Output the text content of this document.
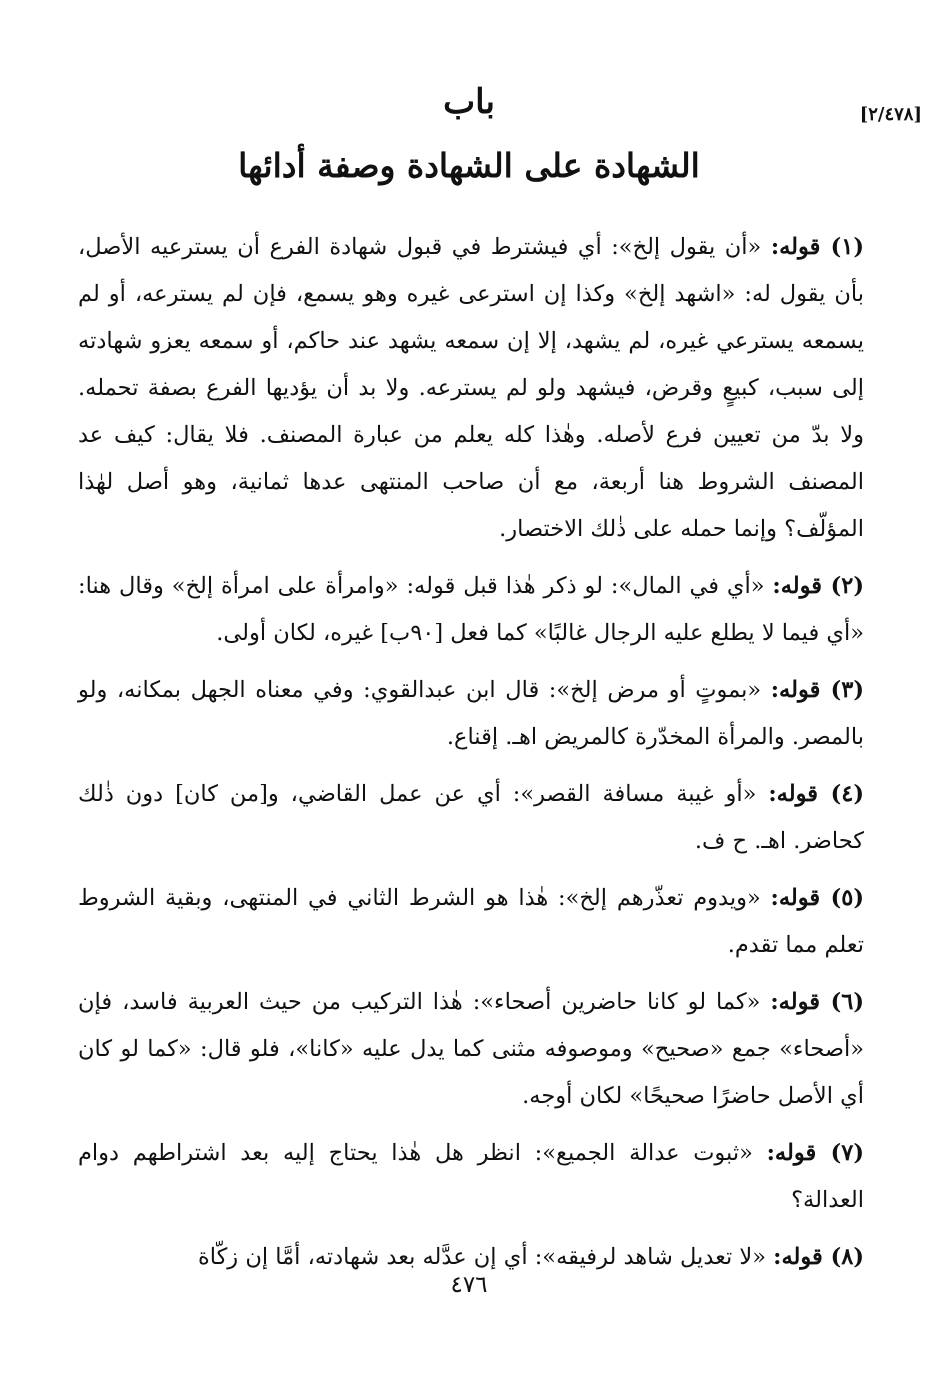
[٢/٤٧٨]
باب
الشهادة على الشهادة وصفة أدائها

(١) قوله: «أن يقول إلخ»: أي فيشترط في قبول شهادة الفرع أن يسترعيه الأصل، بأن يقول له: «اشهد إلخ» وكذا إن استرعى غيره وهو يسمع، فإن لم يسترعه، أو لم يسمعه يسترعي غيره، لم يشهد، إلا إن سمعه يشهد عند حاكم، أو سمعه يعزو شهادته إلى سبب، كبيعٍ وقرض، فيشهد ولو لم يسترعه. ولا بد أن يؤديها الفرع بصفة تحمله. ولا بدّ من تعيين فرع لأصله. وهٰذا كله يعلم من عبارة المصنف. فلا يقال: كيف عد المصنف الشروط هنا أربعة، مع أن صاحب المنتهى عدها ثمانية، وهو أصل لهٰذا المؤلّف؟ وإنما حمله على ذٰلك الاختصار.

(٢) قوله: «أي في المال»: لو ذكر هٰذا قبل قوله: «وامرأة على امرأة إلخ» وقال هنا: «أي فيما لا يطلع عليه الرجال غالبًا» كما فعل [٩٠ب] غيره، لكان أولى.

(٣) قوله: «بموتٍ أو مرض إلخ»: قال ابن عبدالقوي: وفي معناه الجهل بمكانه، ولو بالمصر. والمرأة المخدّرة كالمريض اهـ. إقناع.

(٤) قوله: «أو غيبة مسافة القصر»: أي عن عمل القاضي، و[من كان] دون ذٰلك كحاضر. اهـ. ح ف.

(٥) قوله: «ويدوم تعذّرهم إلخ»: هٰذا هو الشرط الثاني في المنتهى، وبقية الشروط تعلم مما تقدم.

(٦) قوله: «كما لو كانا حاضرين أصحاء»: هٰذا التركيب من حيث العربية فاسد، فإن «أصحاء» جمع «صحيح» وموصوفه مثنى كما يدل عليه «كانا»، فلو قال: «كما لو كان أي الأصل حاضرًا صحيحًا» لكان أوجه.

(٧) قوله: «ثبوت عدالة الجميع»: انظر هل هٰذا يحتاج إليه بعد اشتراطهم دوام العدالة؟

(٨) قوله: «لا تعديل شاهد لرفيقه»: أي إن عدَّله بعد شهادته، أمَّا إن زكّاة

٤٧٦
